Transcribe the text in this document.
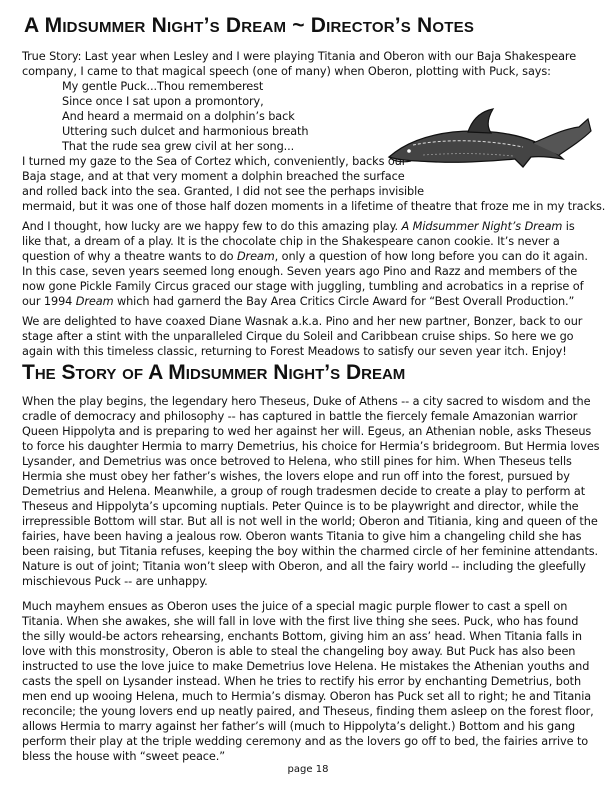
A Midsummer Night’s Dream ~ Director’s Notes
True Story: Last year when Lesley and I were playing Titania and Oberon with our Baja Shakespeare
company, I came to that magical speech (one of many) when Oberon, plotting with Puck, says:
My gentle Puck...Thou rememberest
Since once I sat upon a promontory,
And heard a mermaid on a dolphin’s back
Uttering such dulcet and harmonious breath
That the rude sea grew civil at her song...
I turned my gaze to the Sea of Cortez which, conveniently, backs our
Baja stage, and at that very moment a dolphin breached the surface
and rolled back into the sea. Granted, I did not see the perhaps invisible
mermaid, but it was one of those half dozen moments in a lifetime of theatre that froze me in my tracks.
And I thought, how lucky are we happy few to do this amazing play. A Midsummer Night’s Dream is
like that, a dream of a play. It is the chocolate chip in the Shakespeare canon cookie. It’s never a
question of why a theatre wants to do Dream, only a question of how long before you can do it again.
In this case, seven years seemed long enough. Seven years ago Pino and Razz and members of the
now gone Pickle Family Circus graced our stage with juggling, tumbling and acrobatics in a reprise of
our 1994 Dream which had garnerd the Bay Area Critics Circle Award for “Best Overall Production.”
We are delighted to have coaxed Diane Wasnak a.k.a. Pino and her new partner, Bonzer, back to our
stage after a stint with the unparalleled Cirque du Soleil and Caribbean cruise ships. So here we go
again with this timeless classic, returning to Forest Meadows to satisfy our seven year itch. Enjoy!
The Story of A Midsummer Night’s Dream
When the play begins, the legendary hero Theseus, Duke of Athens -- a city sacred to wisdom and the
cradle of democracy and philosophy -- has captured in battle the fiercely female Amazonian warrior
Queen Hippolyta and is preparing to wed her against her will. Egeus, an Athenian noble, asks Theseus
to force his daughter Hermia to marry Demetrius, his choice for Hermia’s bridegroom. But Hermia loves
Lysander, and Demetrius was once betroved to Helena, who still pines for him. When Theseus tells
Hermia she must obey her father’s wishes, the lovers elope and run off into the forest, pursued by
Demetrius and Helena. Meanwhile, a group of rough tradesmen decide to create a play to perform at
Theseus and Hippolyta’s upcoming nuptials. Peter Quince is to be playwright and director, while the
irrepressible Bottom will star. But all is not well in the world; Oberon and Titiania, king and queen of the
fairies, have been having a jealous row. Oberon wants Titania to give him a changeling child she has
been raising, but Titania refuses, keeping the boy within the charmed circle of her feminine attendants.
Nature is out of joint; Titania won’t sleep with Oberon, and all the fairy world -- including the gleefully
mischievous Puck -- are unhappy.
Much mayhem ensues as Oberon uses the juice of a special magic purple flower to cast a spell on
Titania. When she awakes, she will fall in love with the first live thing she sees. Puck, who has found
the silly would-be actors rehearsing, enchants Bottom, giving him an ass’ head. When Titania falls in
love with this monstrosity, Oberon is able to steal the changeling boy away. But Puck has also been
instructed to use the love juice to make Demetrius love Helena. He mistakes the Athenian youths and
casts the spell on Lysander instead. When he tries to rectify his error by enchanting Demetrius, both
men end up wooing Helena, much to Hermia’s dismay. Oberon has Puck set all to right; he and Titania
reconcile; the young lovers end up neatly paired, and Theseus, finding them asleep on the forest floor,
allows Hermia to marry against her father’s will (much to Hippolyta’s delight.) Bottom and his gang
perform their play at the triple wedding ceremony and as the lovers go off to bed, the fairies arrive to
bless the house with “sweet peace.”
page 18
